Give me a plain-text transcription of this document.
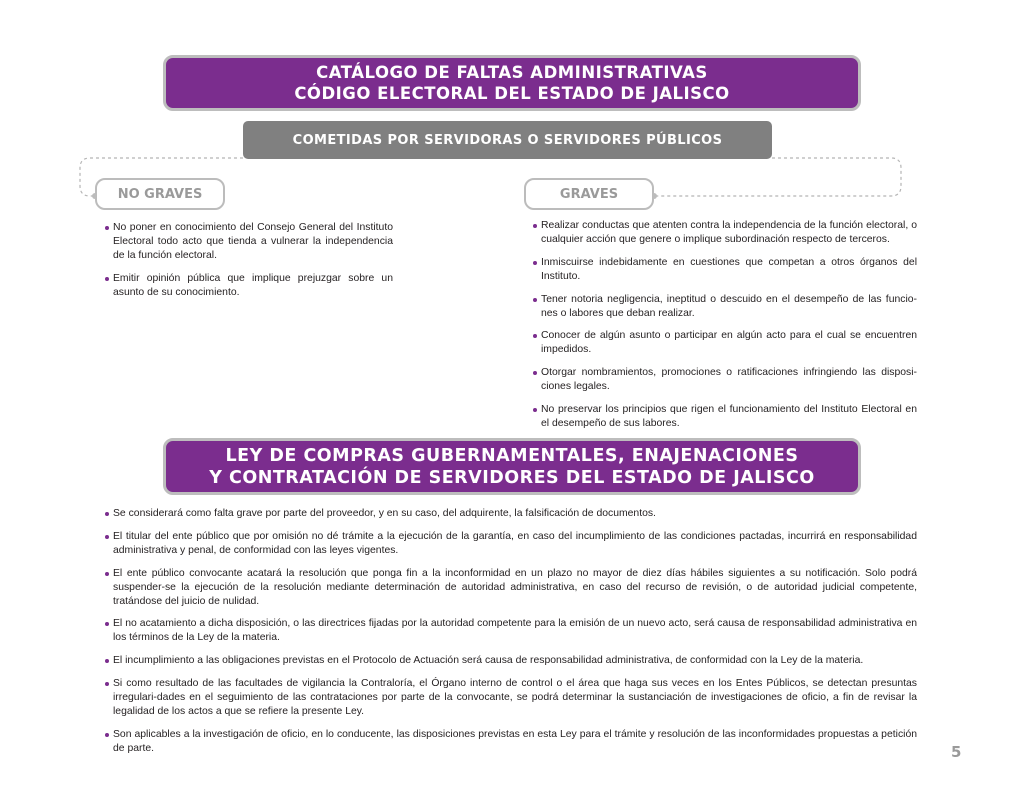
CATÁLOGO DE FALTAS ADMINISTRATIVAS
CÓDIGO ELECTORAL DEL ESTADO DE JALISCO
COMETIDAS POR SERVIDORAS O SERVIDORES PÚBLICOS
NO GRAVES	GRAVES
No poner en conocimiento del Consejo General del Instituto Electoral todo acto que tienda a vulnerar la independencia de la función electoral.
Emitir opinión pública que implique prejuzgar sobre un asunto de su conocimiento.
Realizar conductas que atenten contra la independencia de la función electoral, o cualquier acción que genere o implique subordinación respecto de terceros.
Inmiscuirse indebidamente en cuestiones que competan a otros órganos del Instituto.
Tener notoria negligencia, ineptitud o descuido en el desempeño de las funcio-nes o labores que deban realizar.
Conocer de algún asunto o participar en algún acto para el cual se encuentren impedidos.
Otorgar nombramientos, promociones o ratificaciones infringiendo las disposi-ciones legales.
No preservar los principios que rigen el funcionamiento del Instituto Electoral en el desempeño de sus labores.
LEY DE COMPRAS GUBERNAMENTALES, ENAJENACIONES
Y CONTRATACIÓN DE SERVIDORES DEL ESTADO DE JALISCO
Se considerará como falta grave por parte del proveedor, y en su caso, del adquirente, la falsificación de documentos.
El titular del ente público que por omisión no dé trámite a la ejecución de la garantía, en caso del incumplimiento de las condiciones pactadas, incurrirá en responsabilidad administrativa y penal, de conformidad con las leyes vigentes.
El ente público convocante acatará la resolución que ponga fin a la inconformidad en un plazo no mayor de diez días hábiles siguientes a su notificación. Solo podrá suspender-se la ejecución de la resolución mediante determinación de autoridad administrativa, en caso del recurso de revisión, o de autoridad judicial competente, tratándose del juicio de nulidad.
El no acatamiento a dicha disposición, o las directrices fijadas por la autoridad competente para la emisión de un nuevo acto, será causa de responsabilidad administrativa en los términos de la Ley de la materia.
El incumplimiento a las obligaciones previstas en el Protocolo de Actuación será causa de responsabilidad administrativa, de conformidad con la Ley de la materia.
Si como resultado de las facultades de vigilancia la Contraloría, el Órgano interno de control o el área que haga sus veces en los Entes Públicos, se detectan presuntas irregulari-dades en el seguimiento de las contrataciones por parte de la convocante, se podrá determinar la sustanciación de investigaciones de oficio, a fin de revisar la legalidad de los actos a que se refiere la presente Ley.
Son aplicables a la investigación de oficio, en lo conducente, las disposiciones previstas en esta Ley para el trámite y resolución de las inconformidades propuestas a petición de parte.	5
